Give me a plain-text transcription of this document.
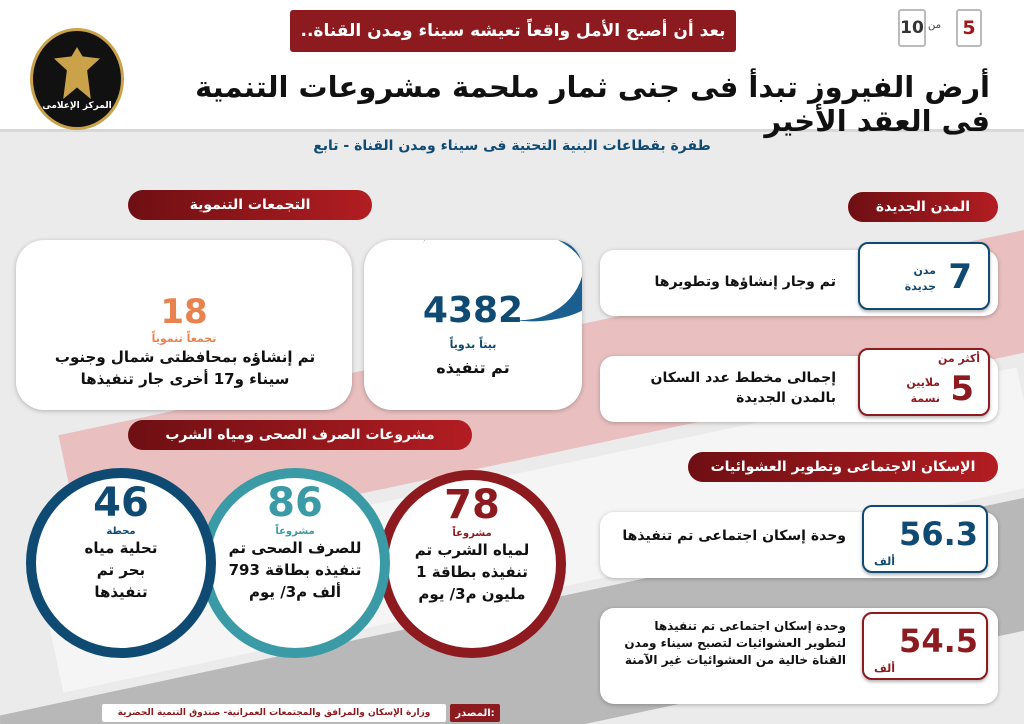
بعد أن أصبح الأمل واقعاً تعيشه سيناء ومدن القناة..	5
من
10
أرض الفيروز تبدأ فى جنى ثمار ملحمة مشروعات التنمية فى العقد الأخير
المركز الإعلامى
طفرة بقطاعات البنية التحتية فى سيناء ومدن القناة - تابع
المدن الجديدة
7
مدن
جديدة
تم وجار إنشاؤها وتطويرها
أكثر من
5
ملايين
نسمة
إجمالى مخطط عدد السكان بالمدن الجديدة
الإسكان الاجتماعى وتطوير العشوائيات
56.3
ألف
وحدة إسكان اجتماعى تم تنفيذها
54.5
ألف
وحدة إسكان اجتماعى تم تنفيذها لتطوير العشوائيات لتصبح سيناء ومدن القناة خالية من العشوائيات غير الآمنة
التجمعات التنموية
4382
بيتاً بدوياً
تم تنفيذه
18
تجمعاً تنموياً
تم إنشاؤه بمحافظتى شمال وجنوب سيناء و17 أخرى جار تنفيذها
مشروعات الصرف الصحى ومياه الشرب
78
مشروعاً
لمياه الشرب تم تنفيذه بطاقة 1 مليون م3/ يوم
86
مشروعاً
للصرف الصحى تم تنفيذه بطاقة 793 ألف م3/ يوم
46
محطة
تحلية مياه بحر تم تنفيذها
المصدر:
وزارة الإسكان والمرافق والمجتمعات العمرانية- صندوق التنمية الحضرية
